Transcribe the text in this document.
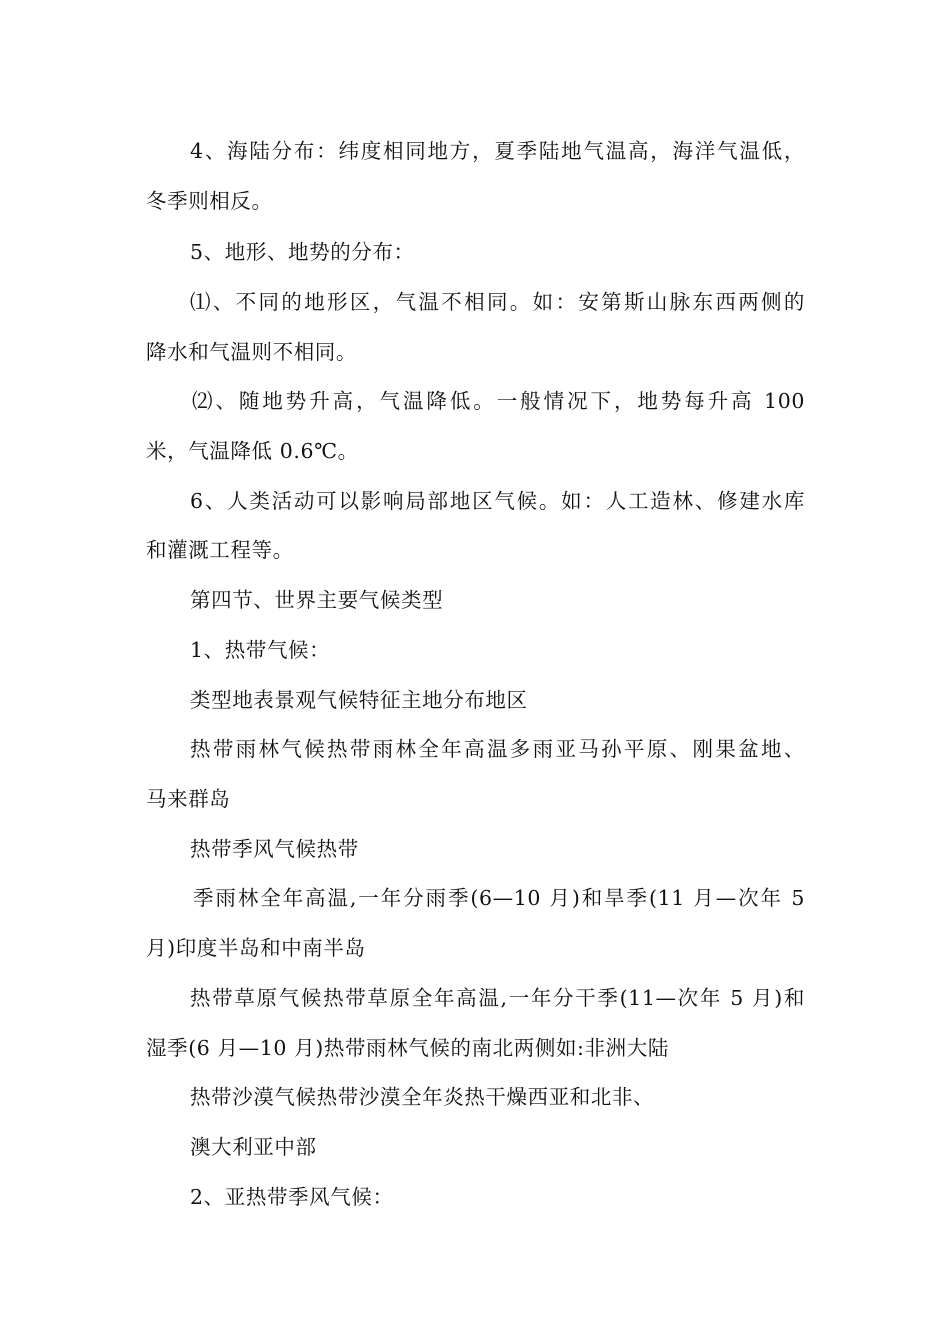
4、海陆分布：纬度相同地方，夏季陆地气温高，海洋气温低，
冬季则相反。
5、地形、地势的分布：
⑴、不同的地形区，气温不相同。如：安第斯山脉东西两侧的
降水和气温则不相同。
⑵、随地势升高，气温降低。一般情况下，地势每升高 100
米，气温降低 0.6℃。
6、人类活动可以影响局部地区气候。如：人工造林、修建水库
和灌溉工程等。
第四节、世界主要气候类型
1、热带气候：
类型地表景观气候特征主地分布地区
热带雨林气候热带雨林全年高温多雨亚马孙平原、刚果盆地、
马来群岛
热带季风气候热带
季雨林全年高温,一年分雨季(6—10 月)和旱季(11 月—次年 5
月)印度半岛和中南半岛
热带草原气候热带草原全年高温,一年分干季(11—次年 5 月)和
湿季(6 月—10 月)热带雨林气候的南北两侧如:非洲大陆
热带沙漠气候热带沙漠全年炎热干燥西亚和北非、
澳大利亚中部
2、亚热带季风气候：
